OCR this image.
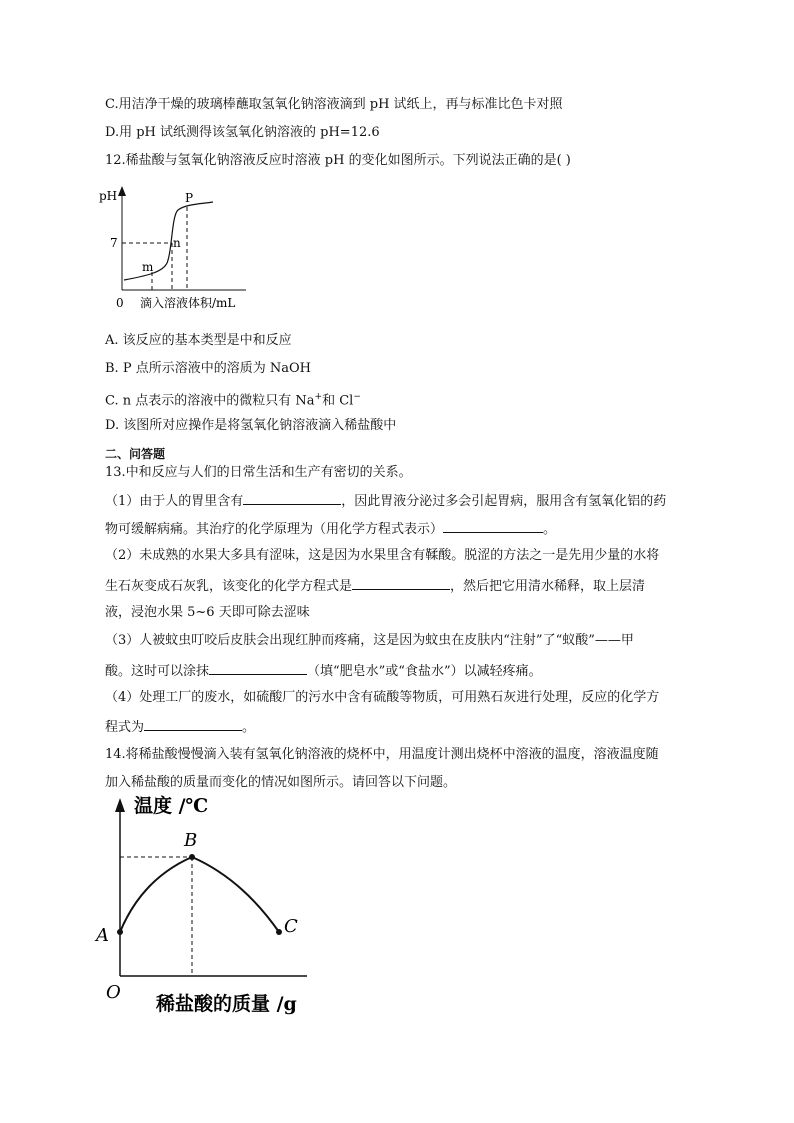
C.用洁净干燥的玻璃棒蘸取氢氧化钠溶液滴到 pH 试纸上，再与标准比色卡对照
D.用 pH 试纸测得该氢氧化钠溶液的 pH=12.6
12.稀盐酸与氢氧化钠溶液反应时溶液 pH 的变化如图所示。下列说法正确的是( )
pH
7
0 滴入溶液体积/mL
m
n
P
A. 该反应的基本类型是中和反应
B. P 点所示溶液中的溶质为 NaOH
C. n 点表示的溶液中的微粒只有 Na+和 Cl−
D. 该图所对应操作是将氢氧化钠溶液滴入稀盐酸中
二、问答题
13.中和反应与人们的日常生活和生产有密切的关系。
（1）由于人的胃里含有	，因此胃液分泌过多会引起胃病，服用含有氢氧化铝的药
物可缓解病痛。其治疗的化学原理为（用化学方程式表示）	。
（2）未成熟的水果大多具有涩味，这是因为水果里含有鞣酸。脱涩的方法之一是先用少量的水将
生石灰变成石灰乳，该变化的化学方程式是	，然后把它用清水稀释，取上层清
液，浸泡水果 5~6 天即可除去涩味
（3）人被蚊虫叮咬后皮肤会出现红肿而疼痛，这是因为蚊虫在皮肤内“注射”了“蚁酸”——甲
酸。这时可以涂抹	（填“肥皂水”或“食盐水”）以减轻疼痛。
（4）处理工厂的废水，如硫酸厂的污水中含有硫酸等物质，可用熟石灰进行处理，反应的化学方
程式为	。
14.将稀盐酸慢慢滴入装有氢氧化钠溶液的烧杯中，用温度计测出烧杯中溶液的温度，溶液温度随
加入稀盐酸的质量而变化的情况如图所示。请回答以下问题。
温度 /℃
A
B
C
O
稀盐酸的质量 /g
